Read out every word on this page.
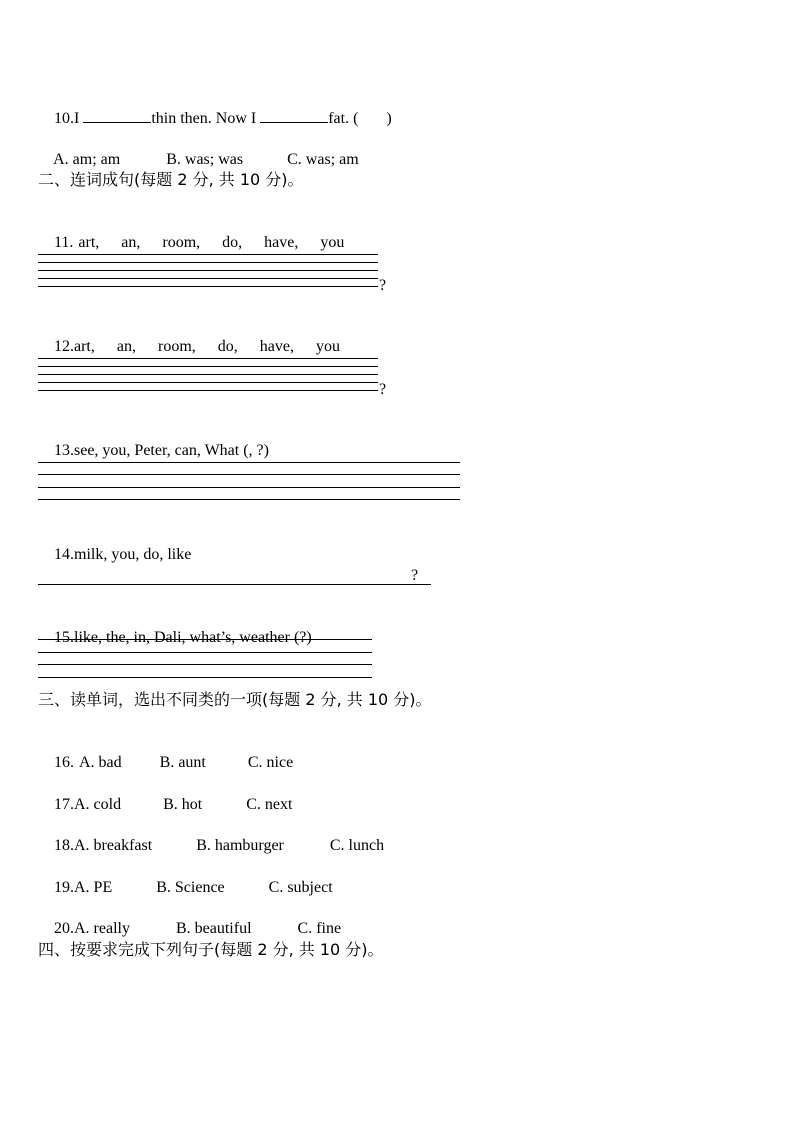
10.I	thin then. Now I	fat. ( )

A. am; am	B. was; was	C. was; am

二、连词成句(每题 2 分, 共 10 分)。

11. art, an, room, do, have, you

?

12.art, an, room, do, have, you

?

13.see, you, Peter, can, What (, ?)

14.milk, you, do, like

?

15.like, the, in, Dali, what’s, weather (?)

三、读单词，选出不同类的一项(每题 2 分, 共 10 分)。

16. A. bad B. aunt	C. nice

17.A. cold	B. hot	C. next

18.A. breakfast	B. hamburger	C. lunch

19.A. PE	B. Science	C. subject

20.A. really	B. beautiful	C. fine

四、按要求完成下列句子(每题 2 分, 共 10 分)。
